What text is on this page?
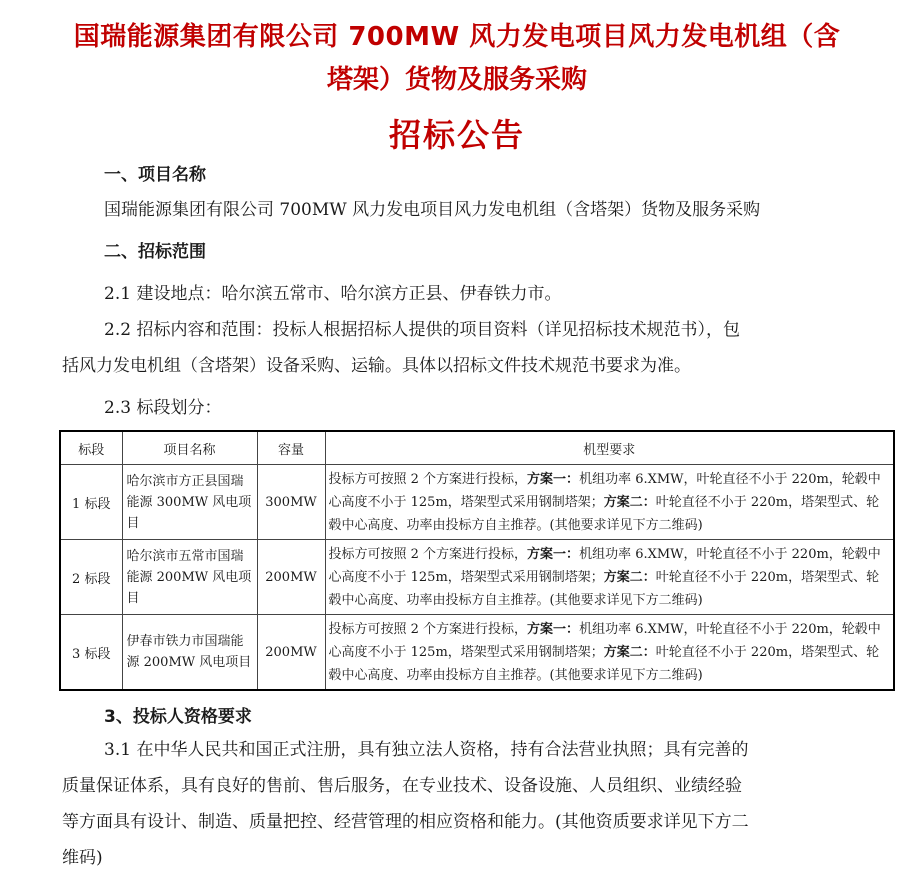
国瑞能源集团有限公司 700MW 风力发电项目风力发电机组（含
塔架）货物及服务采购
招标公告
一、项目名称
国瑞能源集团有限公司 700MW 风力发电项目风力发电机组（含塔架）货物及服务采购
二、招标范围
2.1 建设地点：哈尔滨五常市、哈尔滨方正县、伊春铁力市。
2.2 招标内容和范围：投标人根据招标人提供的项目资料（详见招标技术规范书），包
括风力发电机组（含塔架）设备采购、运输。具体以招标文件技术规范书要求为准。
2.3 标段划分：
标段	项目名称	容量	机型要求
1 标段	哈尔滨市方正县国瑞能源 300MW 风电项目	300MW	投标方可按照 2 个方案进行投标，方案一：机组功率 6.XMW，叶轮直径不小于 220m，轮毂中心高度不小于 125m，塔架型式采用钢制塔架；方案二：叶轮直径不小于 220m，塔架型式、轮毂中心高度、功率由投标方自主推荐。(其他要求详见下方二维码)
2 标段	哈尔滨市五常市国瑞能源 200MW 风电项目	200MW	投标方可按照 2 个方案进行投标，方案一：机组功率 6.XMW，叶轮直径不小于 220m，轮毂中心高度不小于 125m，塔架型式采用钢制塔架；方案二：叶轮直径不小于 220m，塔架型式、轮毂中心高度、功率由投标方自主推荐。(其他要求详见下方二维码)
3 标段	伊春市铁力市国瑞能源 200MW 风电项目	200MW	投标方可按照 2 个方案进行投标，方案一：机组功率 6.XMW，叶轮直径不小于 220m，轮毂中心高度不小于 125m，塔架型式采用钢制塔架；方案二：叶轮直径不小于 220m，塔架型式、轮毂中心高度、功率由投标方自主推荐。(其他要求详见下方二维码)
3、投标人资格要求
3.1 在中华人民共和国正式注册，具有独立法人资格，持有合法营业执照；具有完善的
质量保证体系，具有良好的售前、售后服务，在专业技术、设备设施、人员组织、业绩经验
等方面具有设计、制造、质量把控、经营管理的相应资格和能力。(其他资质要求详见下方二
维码)
